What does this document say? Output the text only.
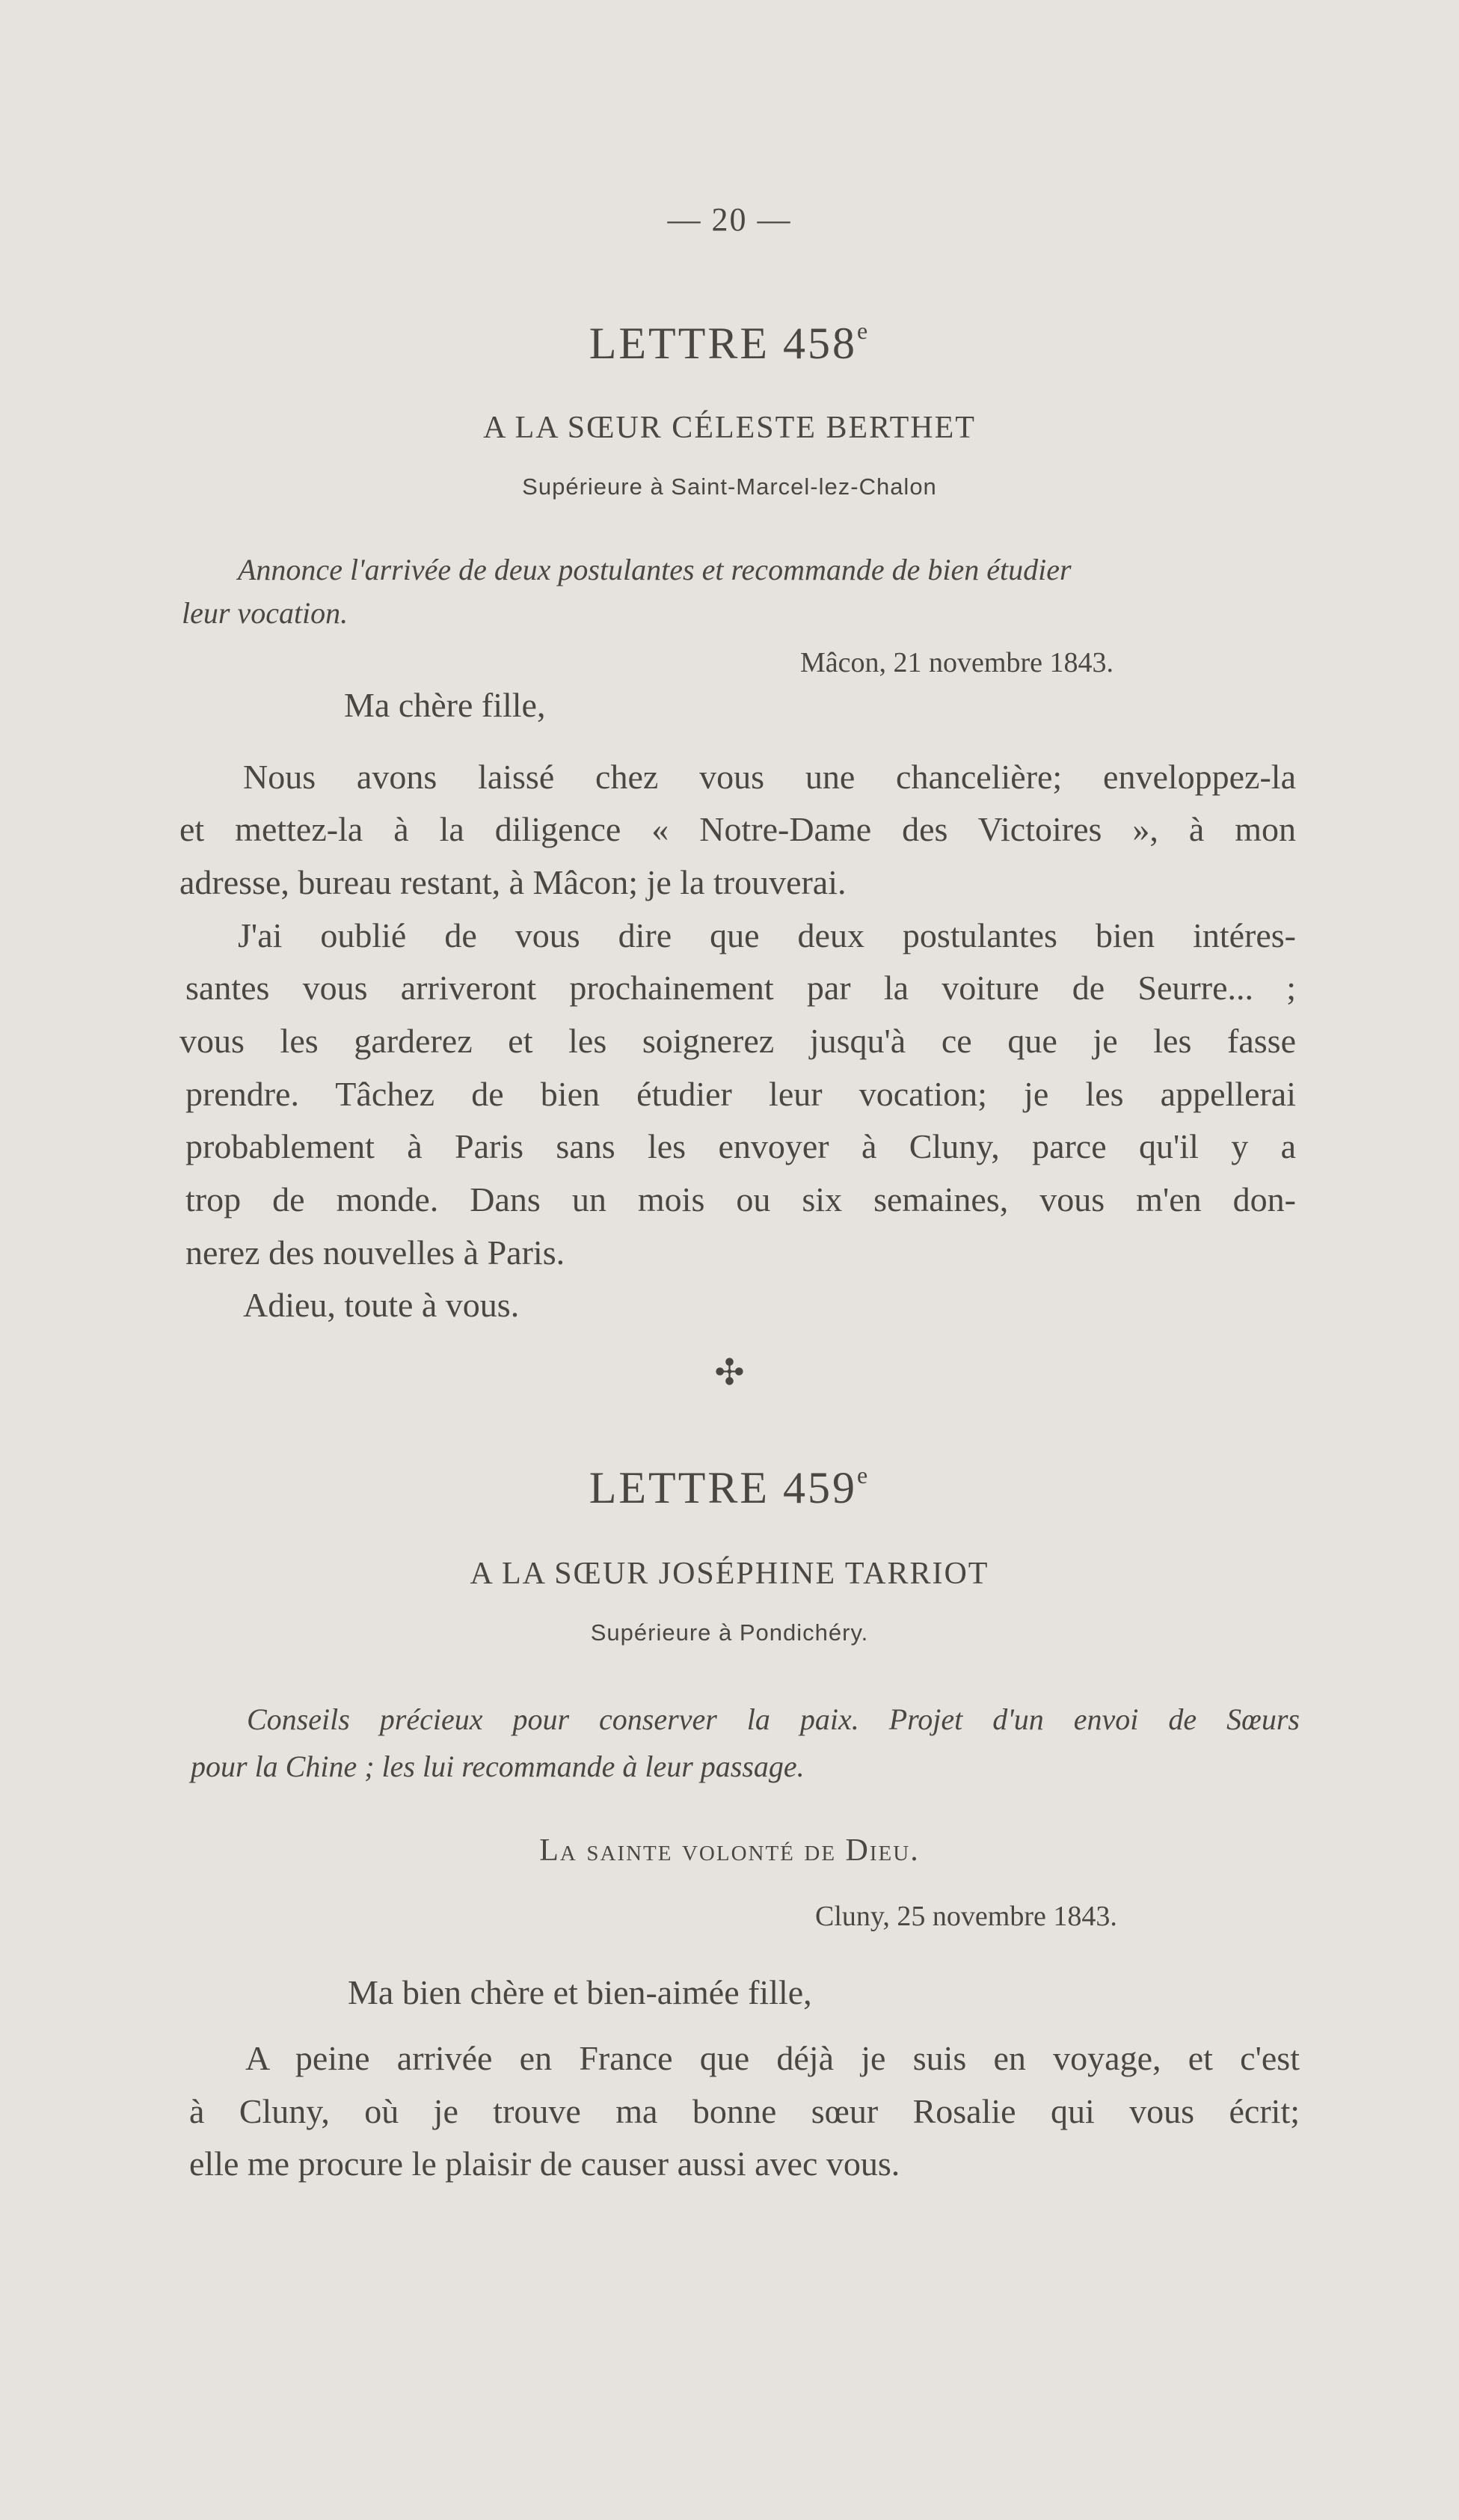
— 20 —
LETTRE 458e
A LA SŒUR CÉLESTE BERTHET
Supérieure à Saint-Marcel-lez-Chalon
Annonce l'arrivée de deux postulantes et recommande de bien étudier
leur vocation.
Mâcon, 21 novembre 1843.
Ma chère fille,
Nous avons laissé chez vous une chancelière; enveloppez-la
et mettez-la à la diligence « Notre-Dame des Victoires », à mon
adresse, bureau restant, à Mâcon; je la trouverai.
J'ai oublié de vous dire que deux postulantes bien intéres-
santes vous arriveront prochainement par la voiture de Seurre... ;
vous les garderez et les soignerez jusqu'à ce que je les fasse
prendre. Tâchez de bien étudier leur vocation; je les appellerai
probablement à Paris sans les envoyer à Cluny, parce qu'il y a
trop de monde. Dans un mois ou six semaines, vous m'en don-
nerez des nouvelles à Paris.
Adieu, toute à vous.
✣
LETTRE 459e
A LA SŒUR JOSÉPHINE TARRIOT
Supérieure à Pondichéry.
Conseils précieux pour conserver la paix. Projet d'un envoi de Sœurs
pour la Chine ; les lui recommande à leur passage.
La sainte volonté de Dieu.
Cluny, 25 novembre 1843.
Ma bien chère et bien-aimée fille,
A peine arrivée en France que déjà je suis en voyage, et c'est
à Cluny, où je trouve ma bonne sœur Rosalie qui vous écrit;
elle me procure le plaisir de causer aussi avec vous.
